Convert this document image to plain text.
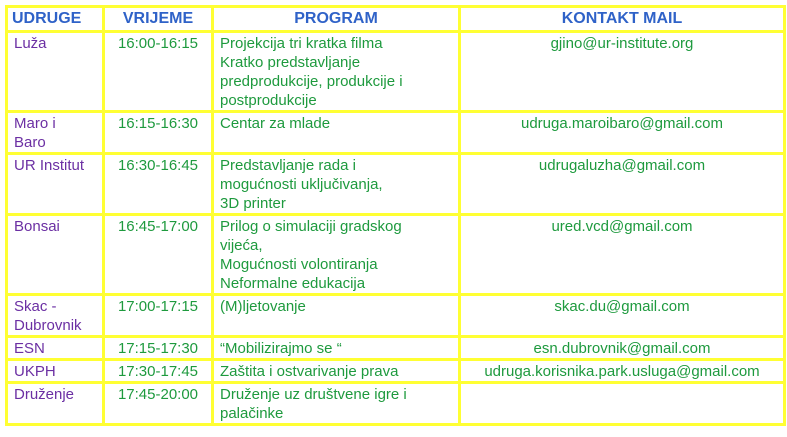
UDRUGE	VRIJEME	PROGRAM	KONTAKT MAIL

Luža	16:00-16:15	Projekcija tri kratka filma
Kratko predstavljanje
predprodukcije, produkcije i
postprodukcije	gjino@ur-institute.org

Maro i
Baro	16:15-16:30	Centar za mlade	udruga.maroibaro@gmail.com

UR Institut	16:30-16:45	Predstavljanje rada i
mogućnosti uključivanja,
3D printer	udrugaluzha@gmail.com

Bonsai	16:45-17:00	Prilog o simulaciji gradskog
vijeća,
Mogućnosti volontiranja
Neformalne edukacija	ured.vcd@gmail.com

Skac -
Dubrovnik	17:00-17:15	(M)ljetovanje	skac.du@gmail.com

ESN	17:15-17:30	“Mobilizirajmo se “	esn.dubrovnik@gmail.com

UKPH	17:30-17:45	Zaštita i ostvarivanje prava	udruga.korisnika.park.usluga@gmail.com

Druženje	17:45-20:00	Druženje uz društvene igre i
palačinke	
